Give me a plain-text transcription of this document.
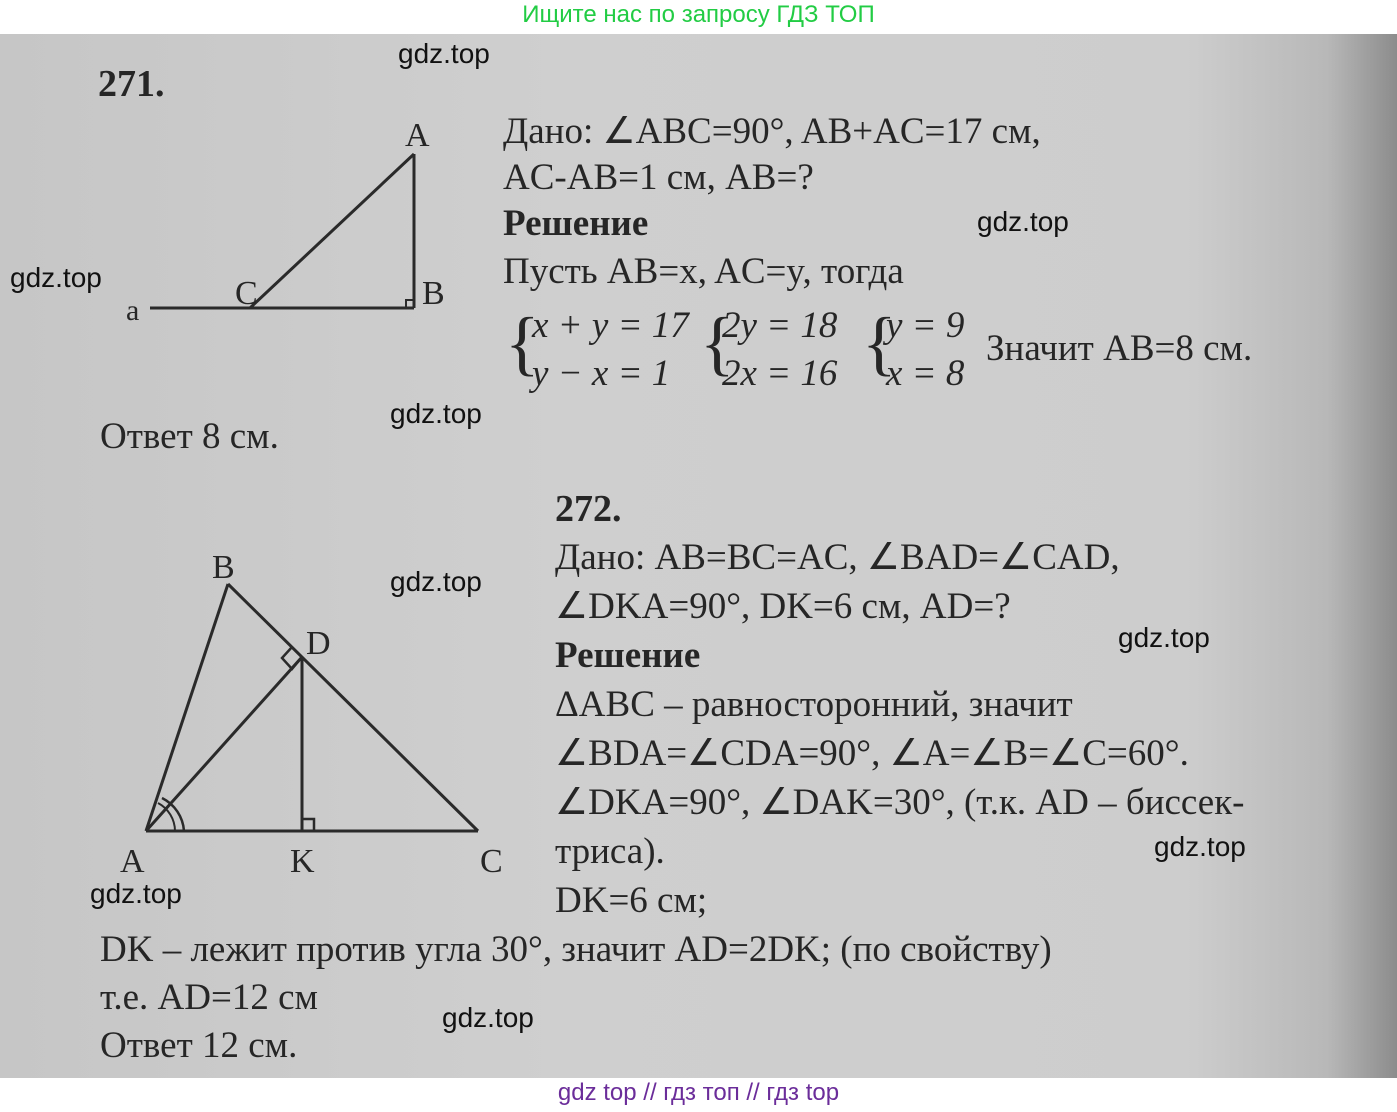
Ищите нас по запросу ГДЗ ТОП
271.
A
B
C
a
Дано: ∠ABC=90°, AB+AC=17 см,
AC-AB=1 см, AB=?
Решение
Пусть AB=x, AC=y, тогда
{
x + y = 17
y − x = 1 {
2y = 18
2x = 16 {
y = 9
x = 8
Значит AB=8 см.
Ответ 8 см.
272.
B
D
A	K	C
Дано: AB=BC=AC, ∠BAD=∠CAD,
∠DKA=90°, DK=6 см, AD=?
Решение
ΔABC – равносторонний, значит
∠BDA=∠CDA=90°, ∠A=∠B=∠C=60°.
∠DKA=90°, ∠DAK=30°, (т.к. AD – биссек-
триса).
DK=6 см;
DK – лежит против угла 30°, значит AD=2DK; (по свойству)
т.е. AD=12 см
Ответ 12 см.
gdz.top
gdz.top
gdz.top
gdz.top
gdz.top
gdz.top
gdz.top
gdz.top
gdz.top
gdz top // гдз топ // гдз top
